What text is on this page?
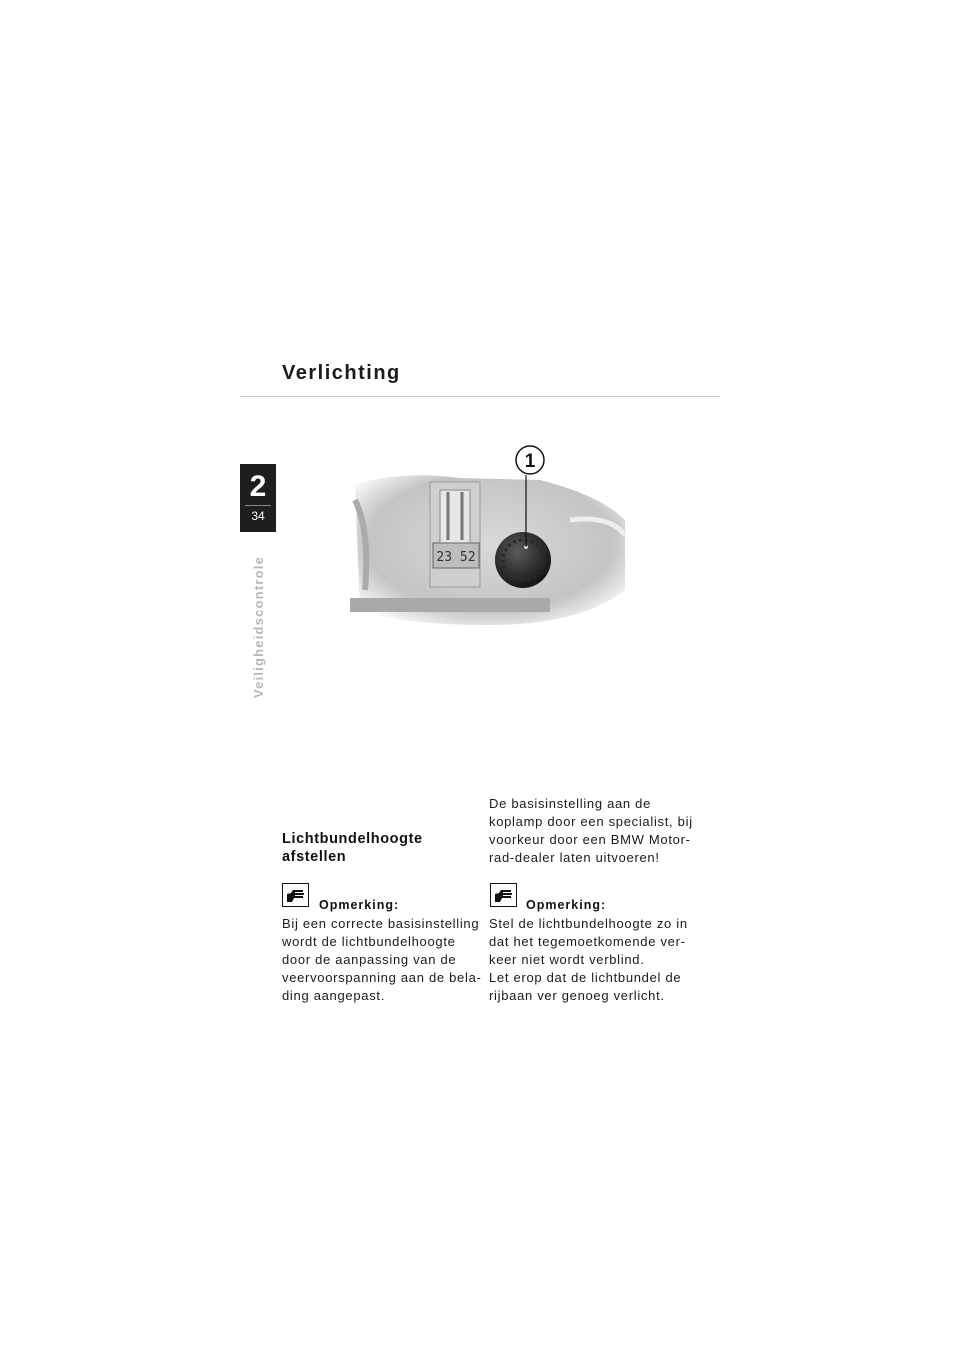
Verlichting
2
34
Veiligheidscontrole	23 52
1
Lichtbundelhoogte
afstellen
Opmerking:
Bij een correcte basisinstelling
wordt de lichtbundelhoogte
door de aanpassing van de
veervoorspanning aan de bela-
ding aangepast.
De basisinstelling aan de
koplamp door een specialist, bij
voorkeur door een BMW Motor-
rad-dealer laten uitvoeren!
Opmerking:
Stel de lichtbundelhoogte zo in
dat het tegemoetkomende ver-
keer niet wordt verblind.
Let erop dat de lichtbundel de
rijbaan ver genoeg verlicht.
